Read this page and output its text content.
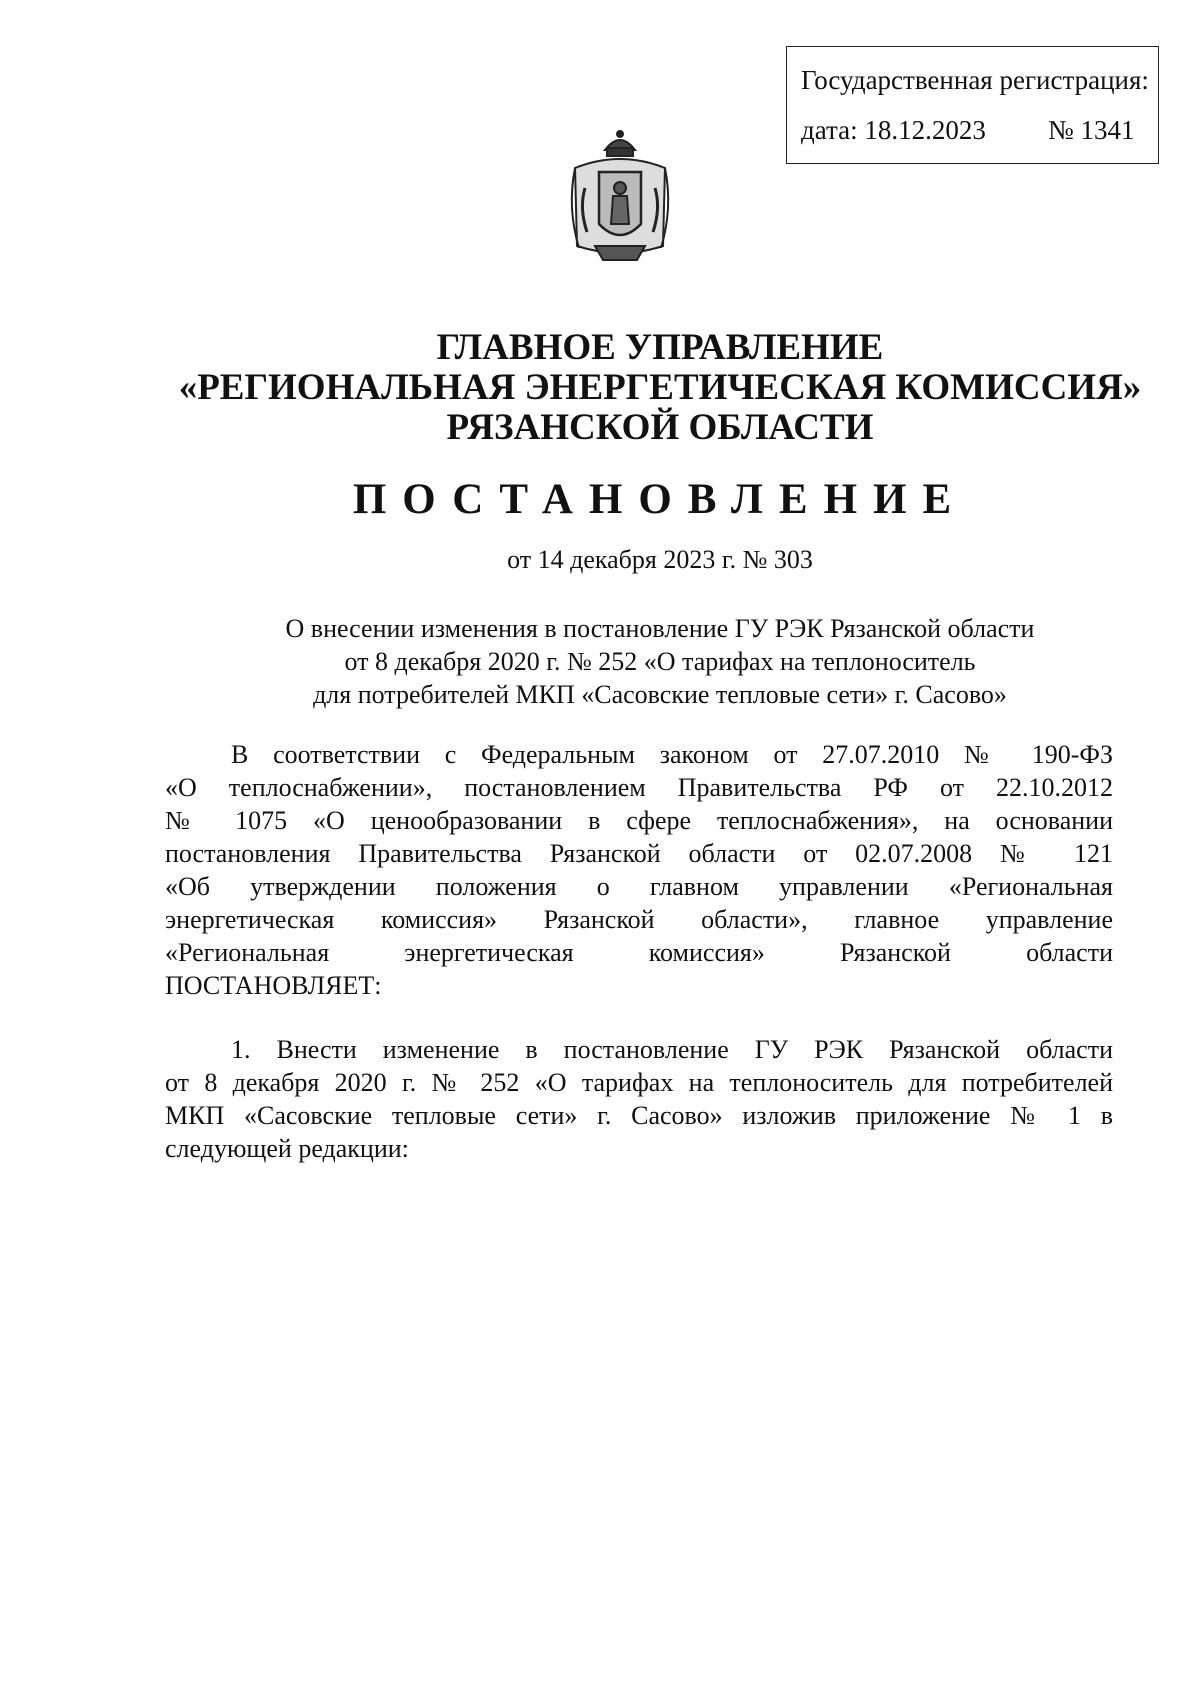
Государственная регистрация:
дата: 18.12.2023 № 1341
ГЛАВНОЕ УПРАВЛЕНИЕ
«РЕГИОНАЛЬНАЯ ЭНЕРГЕТИЧЕСКАЯ КОМИССИЯ»
РЯЗАНСКОЙ ОБЛАСТИ
ПОСТАНОВЛЕНИЕ
от 14 декабря 2023 г. № 303
О внесении изменения в постановление ГУ РЭК Рязанской области
от 8 декабря 2020 г. № 252 «О тарифах на теплоноситель
для потребителей МКП «Сасовские тепловые сети» г. Сасово»
В соответствии с Федеральным законом от 27.07.2010 № 190-ФЗ
«О теплоснабжении», постановлением Правительства РФ от 22.10.2012
№ 1075 «О ценообразовании в сфере теплоснабжения», на основании
постановления Правительства Рязанской области от 02.07.2008 № 121
«Об утверждении положения о главном управлении «Региональная
энергетическая комиссия» Рязанской области», главное управление
«Региональная энергетическая комиссия» Рязанской области
ПОСТАНОВЛЯЕТ:
1. Внести изменение в постановление ГУ РЭК Рязанской области
от 8 декабря 2020 г. № 252 «О тарифах на теплоноситель для потребителей
МКП «Сасовские тепловые сети» г. Сасово» изложив приложение № 1 в
следующей редакции:
